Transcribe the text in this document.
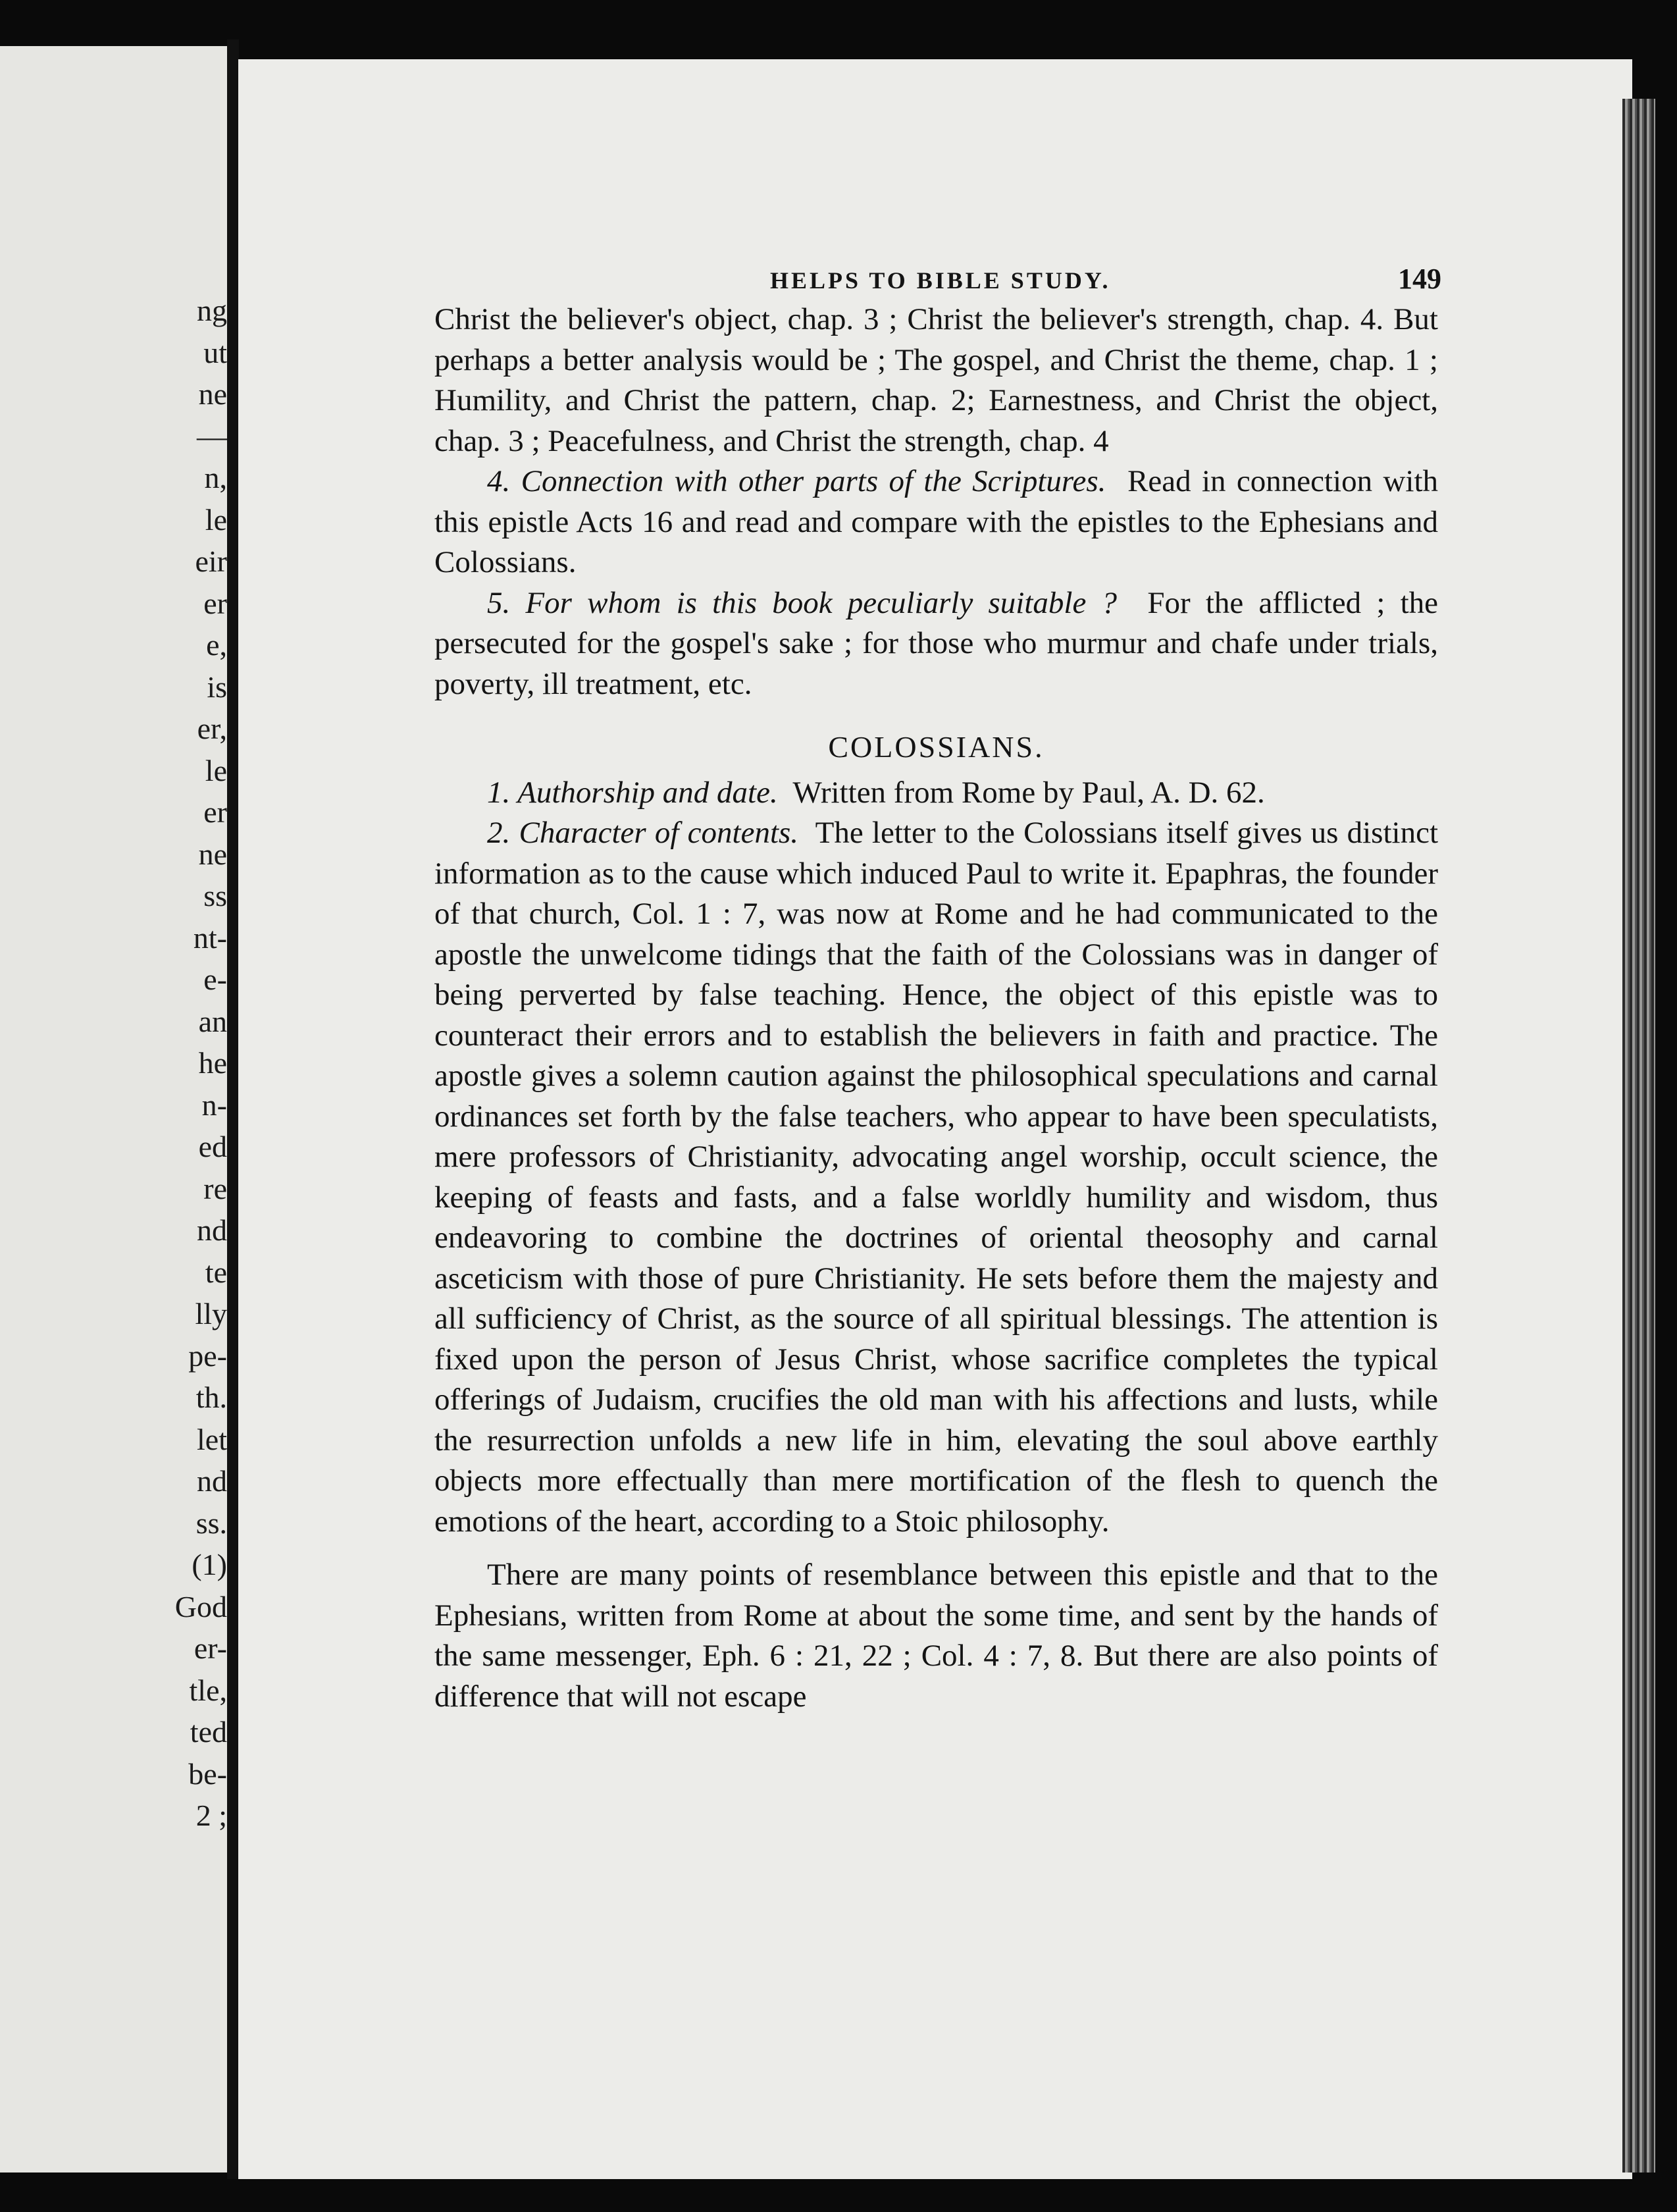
ng
ut
ne
—
n,
le
eir
er
e,
is
er,
le
er
ne
ss
nt-
e-
an
he
n-
ed
re
nd
te
lly
pe-
th.
let
nd
ss.
(1)
God
er-
tle,
ted
be-
2 ;
HELPS TO BIBLE STUDY.	149

Christ the believer's object, chap. 3 ; Christ the believer's strength, chap. 4. But perhaps a better analysis would be ; The gospel, and Christ the theme, chap. 1 ; Humility, and Christ the pattern, chap. 2; Earnestness, and Christ the object, chap. 3 ; Peacefulness, and Christ the strength, chap. 4

4. Connection with other parts of the Scriptures. Read in connection with this epistle Acts 16 and read and compare with the epistles to the Ephesians and Colossians.

5. For whom is this book peculiarly suitable ? For the afflicted ; the persecuted for the gospel's sake ; for those who murmur and chafe under trials, poverty, ill treatment, etc.

COLOSSIANS.

1. Authorship and date. Written from Rome by Paul, A. D. 62.

2. Character of contents. The letter to the Colossians itself gives us distinct information as to the cause which induced Paul to write it. Epaphras, the founder of that church, Col. 1 : 7, was now at Rome and he had communicated to the apostle the unwelcome tidings that the faith of the Colossians was in danger of being perverted by false teaching. Hence, the object of this epistle was to counteract their errors and to establish the believers in faith and practice. The apostle gives a solemn caution against the philosophical speculations and carnal ordinances set forth by the false teachers, who appear to have been speculatists, mere professors of Christianity, advocating angel worship, occult science, the keeping of feasts and fasts, and a false worldly humility and wisdom, thus endeavoring to combine the doctrines of oriental theosophy and carnal asceticism with those of pure Christianity. He sets before them the majesty and all sufficiency of Christ, as the source of all spiritual blessings. The attention is fixed upon the person of Jesus Christ, whose sacrifice completes the typical offerings of Judaism, crucifies the old man with his affections and lusts, while the resurrection unfolds a new life in him, elevating the soul above earthly objects more effectually than mere mortification of the flesh to quench the emotions of the heart, according to a Stoic philosophy.

There are many points of resemblance between this epistle and that to the Ephesians, written from Rome at about the some time, and sent by the hands of the same messenger, Eph. 6 : 21, 22 ; Col. 4 : 7, 8. But there are also points of difference that will not escape
